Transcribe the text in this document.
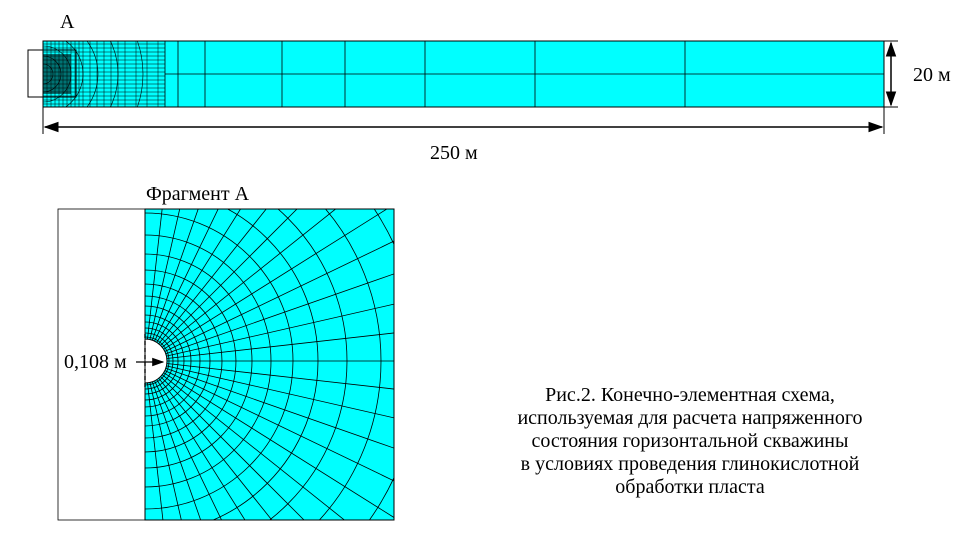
А
20 м
250 м
Фрагмент А
0,108 м
Рис.2. Конечно-элементная схема,
используемая для расчета напряженного
состояния горизонтальной скважины
в условиях проведения глинокислотной
обработки пласта
